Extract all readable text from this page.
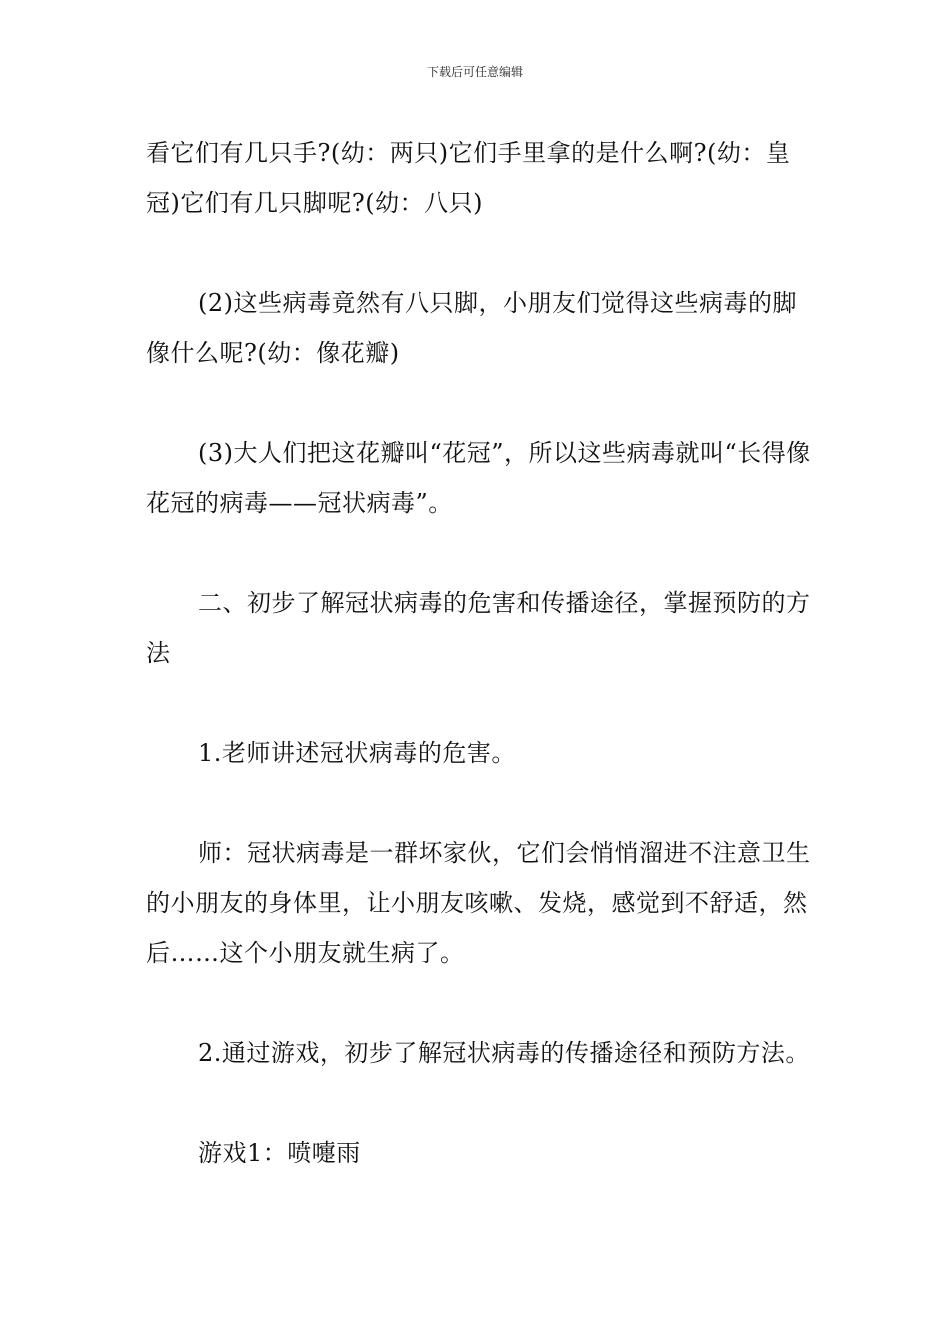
下载后可任意编辑

看它们有几只手?(幼：两只)它们手里拿的是什么啊?(幼：皇冠)它们有几只脚呢?(幼：八只)

(2)这些病毒竟然有八只脚，小朋友们觉得这些病毒的脚像什么呢?(幼：像花瓣)

(3)大人们把这花瓣叫“花冠”，所以这些病毒就叫“长得像花冠的病毒——冠状病毒”。

二、初步了解冠状病毒的危害和传播途径，掌握预防的方法

1.老师讲述冠状病毒的危害。

师：冠状病毒是一群坏家伙，它们会悄悄溜进不注意卫生的小朋友的身体里，让小朋友咳嗽、发烧，感觉到不舒适，然后……这个小朋友就生病了。

2.通过游戏，初步了解冠状病毒的传播途径和预防方法。

游戏1：喷嚏雨
